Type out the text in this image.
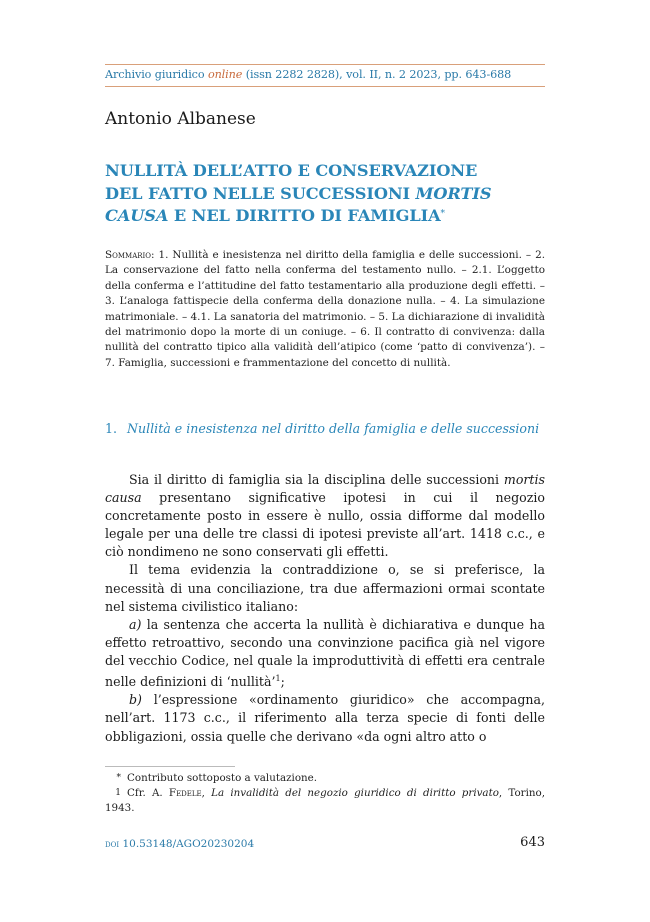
Archivio giuridico online (issn 2282 2828), vol. II, n. 2 2023, pp. 643-688
Antonio Albanese
NULLITÀ DELL’ATTO E CONSERVAZIONE
DEL FATTO NELLE SUCCESSIONI MORTIS
CAUSA E NEL DIRITTO DI FAMIGLIA*
Sommario: 1. Nullità e inesistenza nel diritto della famiglia e delle successioni. – 2. La conservazione del fatto nella conferma del testamento nullo. – 2.1. L’oggetto della conferma e l’attitudine del fatto testamentario alla produzione degli effetti. – 3. L’analoga fattispecie della conferma della donazione nulla. – 4. La simulazione matrimoniale. – 4.1. La sanatoria del matrimonio. – 5. La dichiarazione di invalidità del matrimonio dopo la morte di un coniuge. – 6. Il contratto di convivenza: dalla nullità del contratto tipico alla validità dell’atipico (come ‘patto di convivenza’). – 7. Famiglia, successioni e frammentazione del concetto di nullità.
1. Nullità e inesistenza nel diritto della famiglia e delle successioni

Sia il diritto di famiglia sia la disciplina delle successioni mortis causa presentano significative ipotesi in cui il negozio concretamente posto in essere è nullo, ossia difforme dal modello legale per una delle tre classi di ipotesi previste all’art. 1418 c.c., e ciò nondimeno ne sono conservati gli effetti.

Il tema evidenzia la contraddizione o, se si preferisce, la necessità di una conciliazione, tra due affermazioni ormai scontate nel sistema civilistico italiano:

a) la sentenza che accerta la nullità è dichiarativa e dunque ha effetto retroattivo, secondo una convinzione pacifica già nel vigore del vecchio Codice, nel quale la improduttività di effetti era centrale nelle definizioni di ‘nullità’$^1$;

b) l’espressione «ordinamento giuridico» che accompagna, nell’art. 1173 c.c., il riferimento alla terza specie di fonti delle obbligazioni, ossia quelle che derivano «da ogni altro atto o

* Contributo sottoposto a valutazione.
1 Cfr. A. Fedele, La invalidità del negozio giuridico di diritto privato, Torino, 1943.
doi 10.53148/AGO20230204	643
